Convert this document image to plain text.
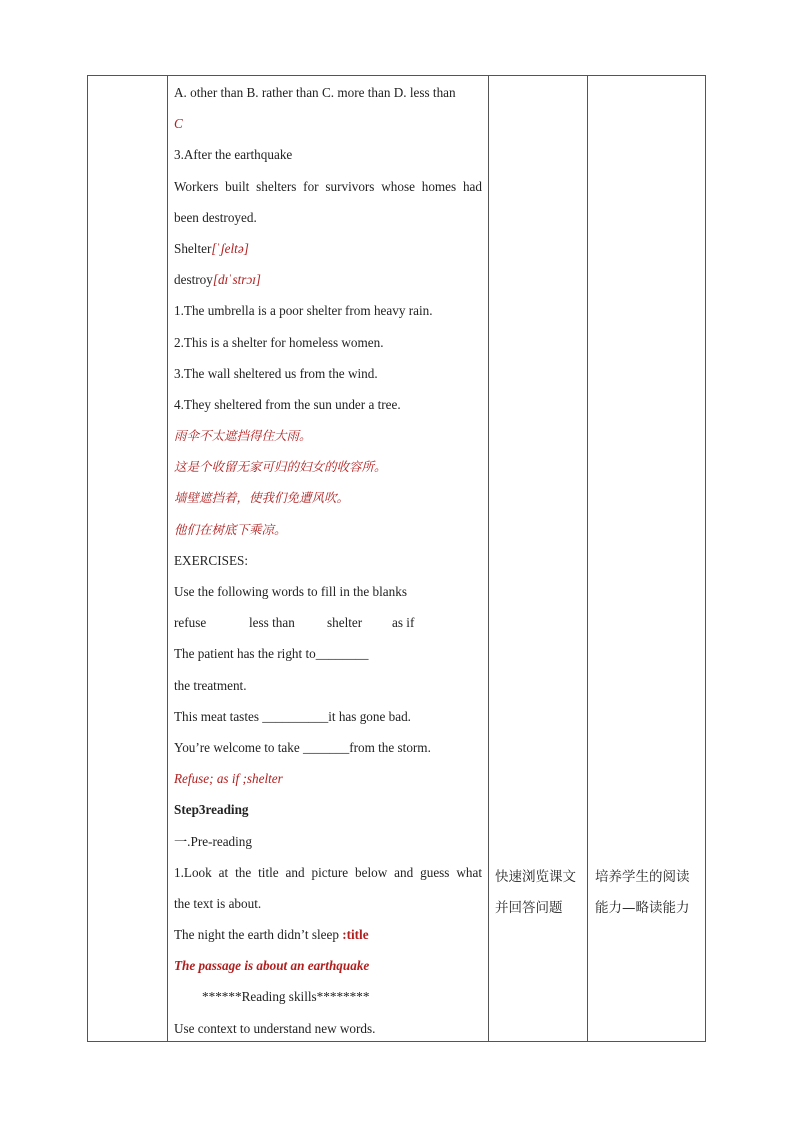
A. other than B. rather than C. more than D. less than
C
3.After the earthquake
Workers built shelters for survivors whose homes had
been destroyed.
Shelter[ˈʃeltə]
destroy[dɪˈstrɔɪ]
1.The umbrella is a poor shelter from heavy rain.
2.This is a shelter for homeless women.
3.The wall sheltered us from the wind.
4.They sheltered from the sun under a tree.
雨伞不太遮挡得住大雨。
这是个收留无家可归的妇女的收容所。
墙壁遮挡着，使我们免遭风吹。
他们在树底下乘凉。
EXERCISES:
Use the following words to fill in the blanks
refuse	less than	shelter	as if
The patient has the right to________
the treatment.
This meat tastes __________it has gone bad.
You’re welcome to take _______from the storm.
Refuse; as if ;shelter
Step3reading
一.Pre-reading
1.Look at the title and picture below and guess what
the text is about.
The night the earth didn’t sleep :title
The passage is about an earthquake
******Reading skills********
Use context to understand new words.
快速浏览课文
并回答问题
培养学生的阅读
能力—略读能力
